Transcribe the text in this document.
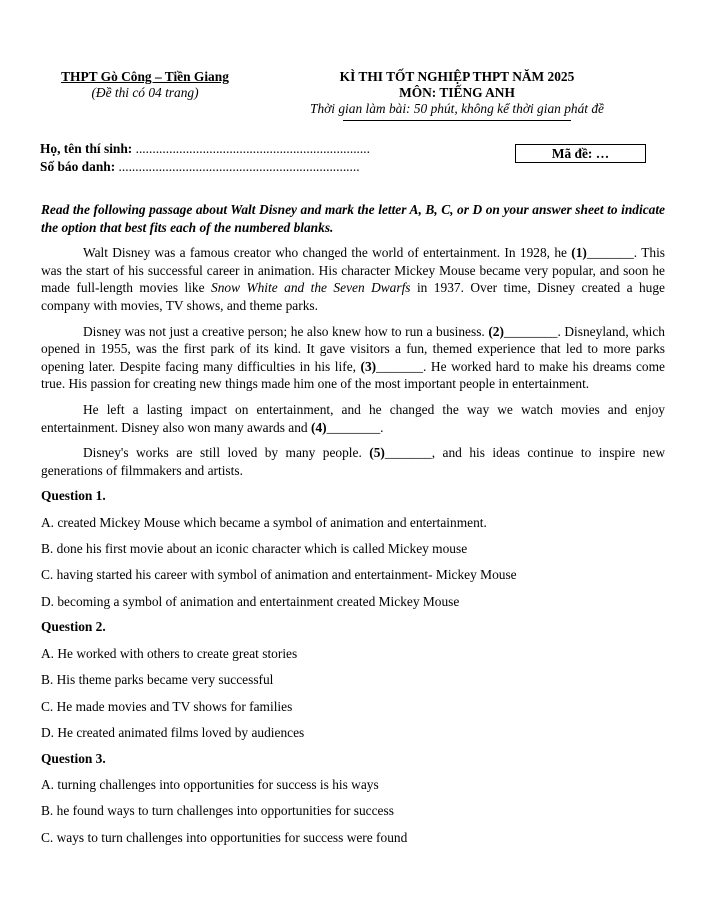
THPT Gò Công – Tiền Giang
(Đề thi có 04 trang)
KÌ THI TỐT NGHIỆP THPT NĂM 2025
MÔN: TIẾNG ANH
Thời gian làm bài: 50 phút, không kể thời gian phát đề
Họ, tên thí sinh: ......................................................................
Số báo danh: ........................................................................
Mã đề: …

Read the following passage about Walt Disney and mark the letter A, B, C, or D on your answer sheet to indicate the option that best fits each of the numbered blanks.

Walt Disney was a famous creator who changed the world of entertainment. In 1928, he (1)_______. This was the start of his successful career in animation. His character Mickey Mouse became very popular, and soon he made full-length movies like Snow White and the Seven Dwarfs in 1937. Over time, Disney created a huge company with movies, TV shows, and theme parks.

Disney was not just a creative person; he also knew how to run a business. (2)________. Disneyland, which opened in 1955, was the first park of its kind. It gave visitors a fun, themed experience that led to more parks opening later. Despite facing many difficulties in his life, (3)_______. He worked hard to make his dreams come true. His passion for creating new things made him one of the most important people in entertainment.

He left a lasting impact on entertainment, and he changed the way we watch movies and enjoy entertainment. Disney also won many awards and (4)________.

Disney's works are still loved by many people. (5)_______, and his ideas continue to inspire new generations of filmmakers and artists.

Question 1.

A. created Mickey Mouse which became a symbol of animation and entertainment.

B. done his first movie about an iconic character which is called Mickey mouse

C. having started his career with symbol of animation and entertainment- Mickey Mouse

D. becoming a symbol of animation and entertainment created Mickey Mouse

Question 2.

A. He worked with others to create great stories

B. His theme parks became very successful

C. He made movies and TV shows for families

D. He created animated films loved by audiences

Question 3.

A. turning challenges into opportunities for success is his ways

B. he found ways to turn challenges into opportunities for success

C. ways to turn challenges into opportunities for success were found
